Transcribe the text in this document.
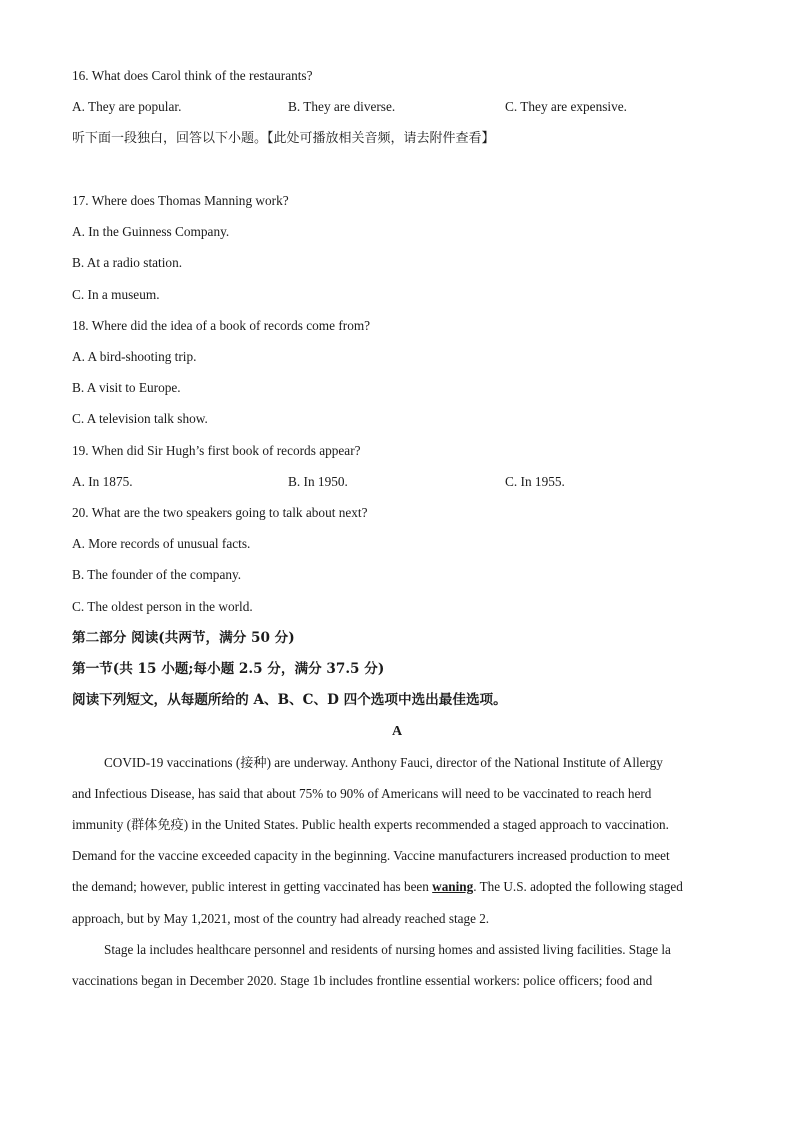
16. What does Carol think of the restaurants?
A. They are popular.	B. They are diverse.	C. They are expensive.
听下面一段独白，回答以下小题。【此处可播放相关音频，请去附件查看】
17. Where does Thomas Manning work?
A. In the Guinness Company.
B. At a radio station.
C. In a museum.
18. Where did the idea of a book of records come from?
A. A bird-shooting trip.
B. A visit to Europe.
C. A television talk show.
19. When did Sir Hugh’s first book of records appear?
A. In 1875.	B. In 1950.	C. In 1955.
20. What are the two speakers going to talk about next?
A. More records of unusual facts.
B. The founder of the company.
C. The oldest person in the world.
第二部分 阅读(共两节，满分 50 分)
第一节(共 15 小题;每小题 2.5 分，满分 37.5 分)
阅读下列短文，从每题所给的 A、B、C、D 四个选项中选出最佳选项。
A
COVID-19 vaccinations (接种) are underway. Anthony Fauci, director of the National Institute of Allergy
and Infectious Disease, has said that about 75% to 90% of Americans will need to be vaccinated to reach herd
immunity (群体免疫) in the United States. Public health experts recommended a staged approach to vaccination.
Demand for the vaccine exceeded capacity in the beginning. Vaccine manufacturers increased production to meet
the demand; however, public interest in getting vaccinated has been waning. The U.S. adopted the following staged
approach, but by May 1,2021, most of the country had already reached stage 2.
Stage la includes healthcare personnel and residents of nursing homes and assisted living facilities. Stage la
vaccinations began in December 2020. Stage 1b includes frontline essential workers: police officers; food and
